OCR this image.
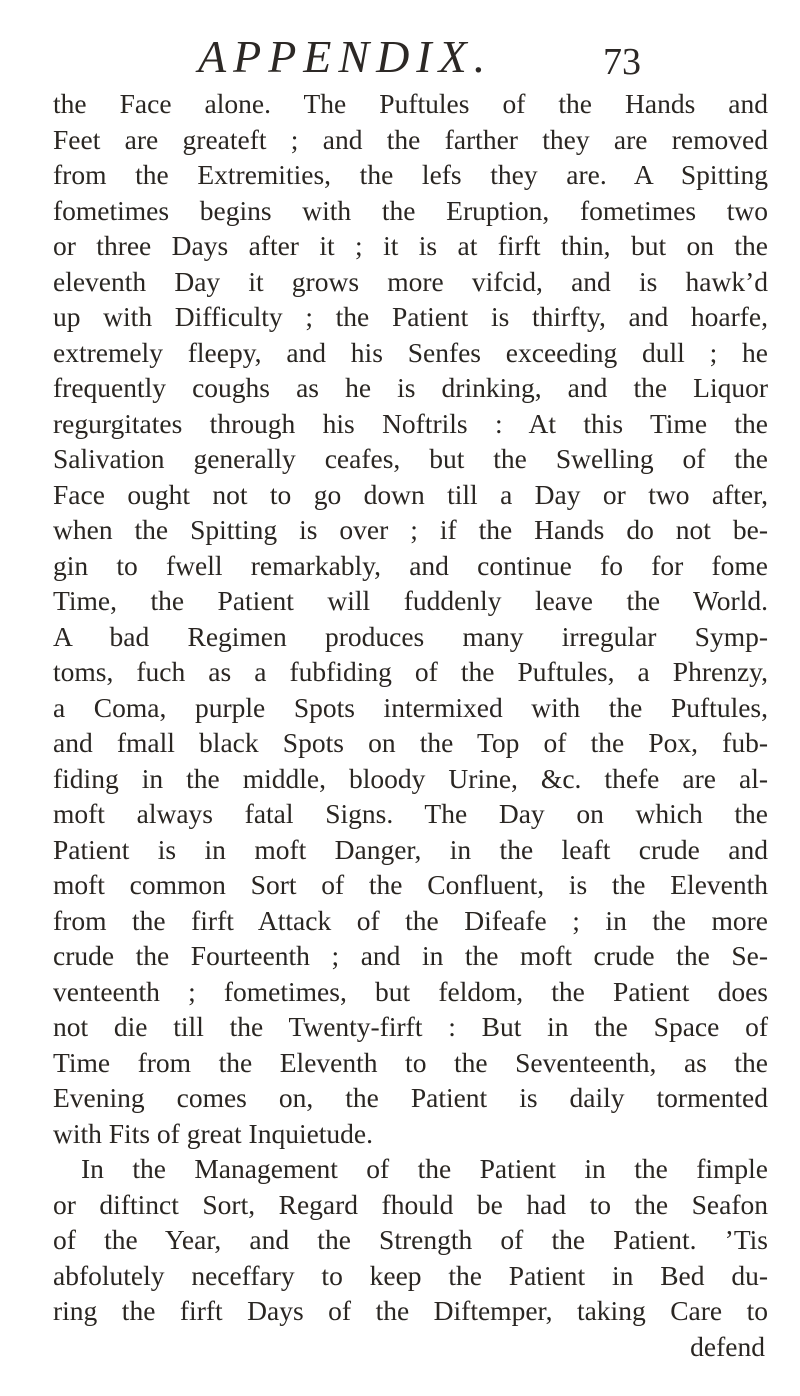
APPENDIX.	73
the Face alone. The Puftules of the Hands and
Feet are greateft ; and the farther they are removed
from the Extremities, the lefs they are. A Spitting
fometimes begins with the Eruption, fometimes two
or three Days after it ; it is at firft thin, but on the
eleventh Day it grows more vifcid, and is hawk’d
up with Difficulty ; the Patient is thirfty, and hoarfe,
extremely fleepy, and his Senfes exceeding dull ; he
frequently coughs as he is drinking, and the Liquor
regurgitates through his Noftrils : At this Time the
Salivation generally ceafes, but the Swelling of the
Face ought not to go down till a Day or two after,
when the Spitting is over ; if the Hands do not be-
gin to fwell remarkably, and continue fo for fome
Time, the Patient will fuddenly leave the World.
A bad Regimen produces many irregular Symp-
toms, fuch as a fubfiding of the Puftules, a Phrenzy,
a Coma, purple Spots intermixed with the Puftules,
and fmall black Spots on the Top of the Pox, fub-
fiding in the middle, bloody Urine, &c. thefe are al-
moft always fatal Signs. The Day on which the
Patient is in moft Danger, in the leaft crude and
moft common Sort of the Confluent, is the Eleventh
from the firft Attack of the Difeafe ; in the more
crude the Fourteenth ; and in the moft crude the Se-
venteenth ; fometimes, but feldom, the Patient does
not die till the Twenty-firft : But in the Space of
Time from the Eleventh to the Seventeenth, as the
Evening comes on, the Patient is daily tormented
with Fits of great Inquietude.
In the Management of the Patient in the fimple
or diftinct Sort, Regard fhould be had to the Seafon
of the Year, and the Strength of the Patient. ’Tis
abfolutely neceffary to keep the Patient in Bed du-
ring the firft Days of the Diftemper, taking Care to
defend
